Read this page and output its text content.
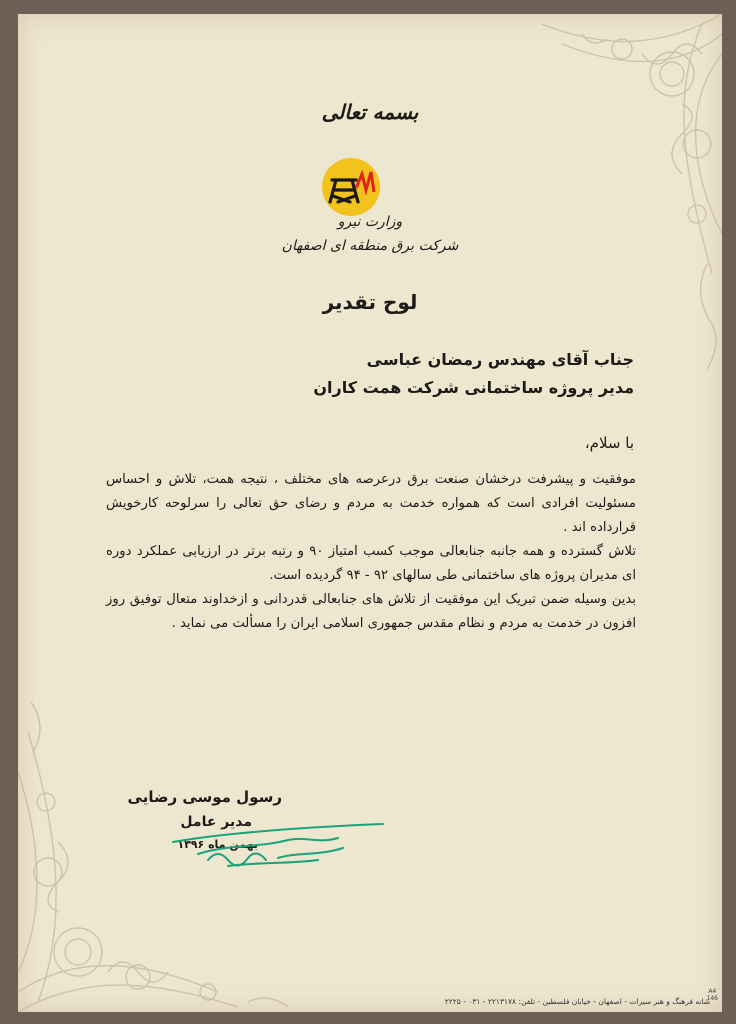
بسمه تعالی
وزارت نیرو
شرکت برق منطقه ای اصفهان
لوح تقدیر
جناب آقای مهندس رمضان عباسی
مدیر پروژه ساختمانی شرکت همت کاران
با سلام،

موفقیت و پیشرفت درخشان صنعت برق درعرصه های مختلف ، نتیجه همت، تلاش و احساس مسئولیت افرادی است که همواره خدمت به مردم و رضای حق تعالی را سرلوحه کارخویش قرارداده اند .

تلاش گسترده و همه جانبه جنابعالی موجب کسب امتیاز ۹۰ و رتبه برتر در ارزیابی عملکرد دوره ای مدیران پروژه های ساختمانی طی سالهای ۹۲ - ۹۴ گردیده است.

بدین وسیله ضمن تبریک این موفقیت از تلاش های جنابعالی قدردانی و ازخداوند متعال توفیق روز افزون در خدمت به مردم و نظام مقدس جمهوری اسلامی ایران را مسألت می نماید .

رسول موسی رضایی
مدیر عامل
بهمن ماه ۱۳۹۶
شانه فرهنگ و هنر سیرات - اصفهان - خیابان فلسطین - تلفن: ۲۲۱۳۱۷۸ - ۰۳۱ - ۲۲۲۵
A4
146
